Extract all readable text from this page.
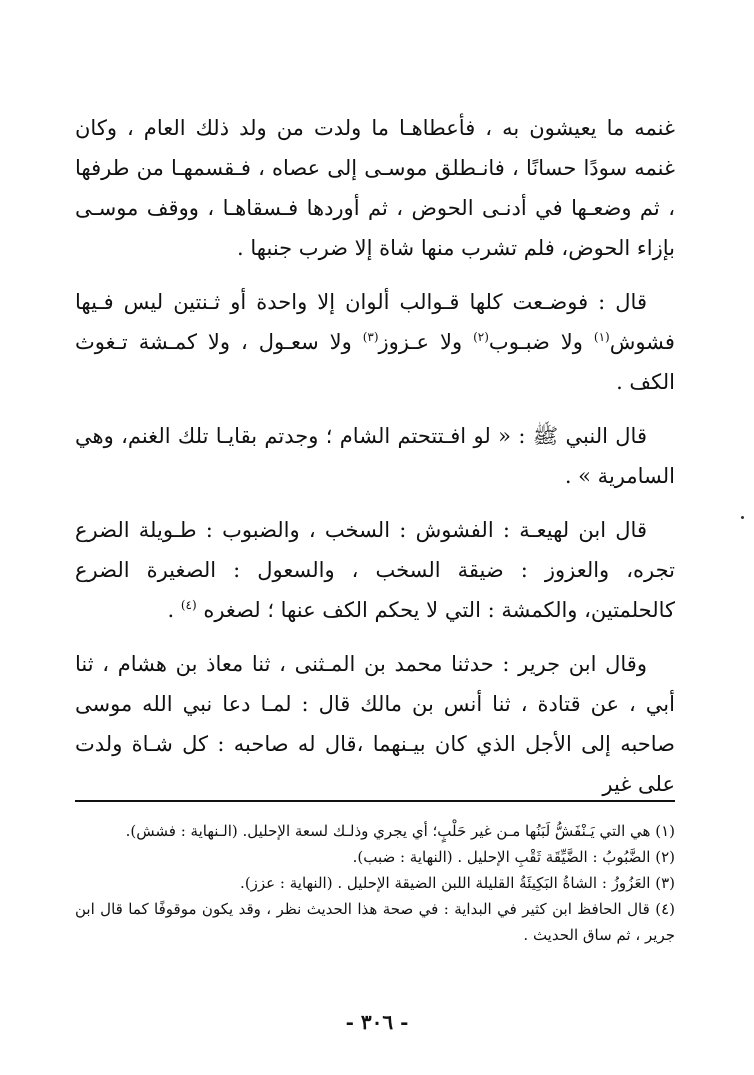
غنمه ما يعيشون به ، فأعطاهـا ما ولدت من ولد ذلك العام ، وكان غنمه سودًا حسانًا ، فانـطلق موسـى إلى عصاه ، فـقسمهـا من طرفها ، ثم وضعـها في أدنـى الحوض ، ثم أوردها فـسقاهـا ، ووقف موسـى بإزاء الحوض، فلم تشرب منها شاة إلا ضرب جنبها .

قال : فوضـعت كلها قـوالب ألوان إلا واحدة أو ثـنتين ليس فـيها فشوش$^{(١)}$ ولا ضبـوب$^{(٢)}$ ولا عـزوز$^{(٣)}$ ولا سعـول ، ولا كمـشة تـغوث الكف .

قال النبي ﷺ : « لو افـتتحتم الشام ؛ وجدتم بقايـا تلك الغنم، وهي السامرية » .

قال ابن لهيعـة : الفشوش : السخب ، والضبوب : طـويلة الضرع تجره، والعزوز : ضيقة السخب ، والسعول : الصغيرة الضرع كالحلمتين، والكمشة : التي لا يحكم الكف عنها ؛ لصغره $^{(٤)}$ .

وقال ابن جرير : حدثنا محمد بن المـثنى ، ثنا معاذ بن هشام ، ثنا أبي ، عن قتادة ، ثنا أنس بن مالك قال : لمـا دعا نبي الله موسى صاحبه إلى الأجل الذي كان بيـنهما ،قال له صاحبه : كل شـاة ولدت على غير

(١) هي التي يَـنْفَشُّ لَبَنُها مـن غير حَلْبٍ؛ أي يجري وذلـك لسعة الإحليل. (الـنهاية : فشش).

(٢) الضَّبُوبُ : الضَّيِّقَة ثَقْبِ الإحليل . (النهاية : ضبب).

(٣) العَزُوزُ : الشاةُ البَكِيئَةُ القليلة اللبن الضيقة الإحليل . (النهاية : عزز).

(٤) قال الحافظ ابن كثير في البداية : في صحة هذا الحديث نظر ، وقد يكون موقوفًا كما قال ابن جرير ، ثم ساق الحديث .

- ٣٠٦ -
